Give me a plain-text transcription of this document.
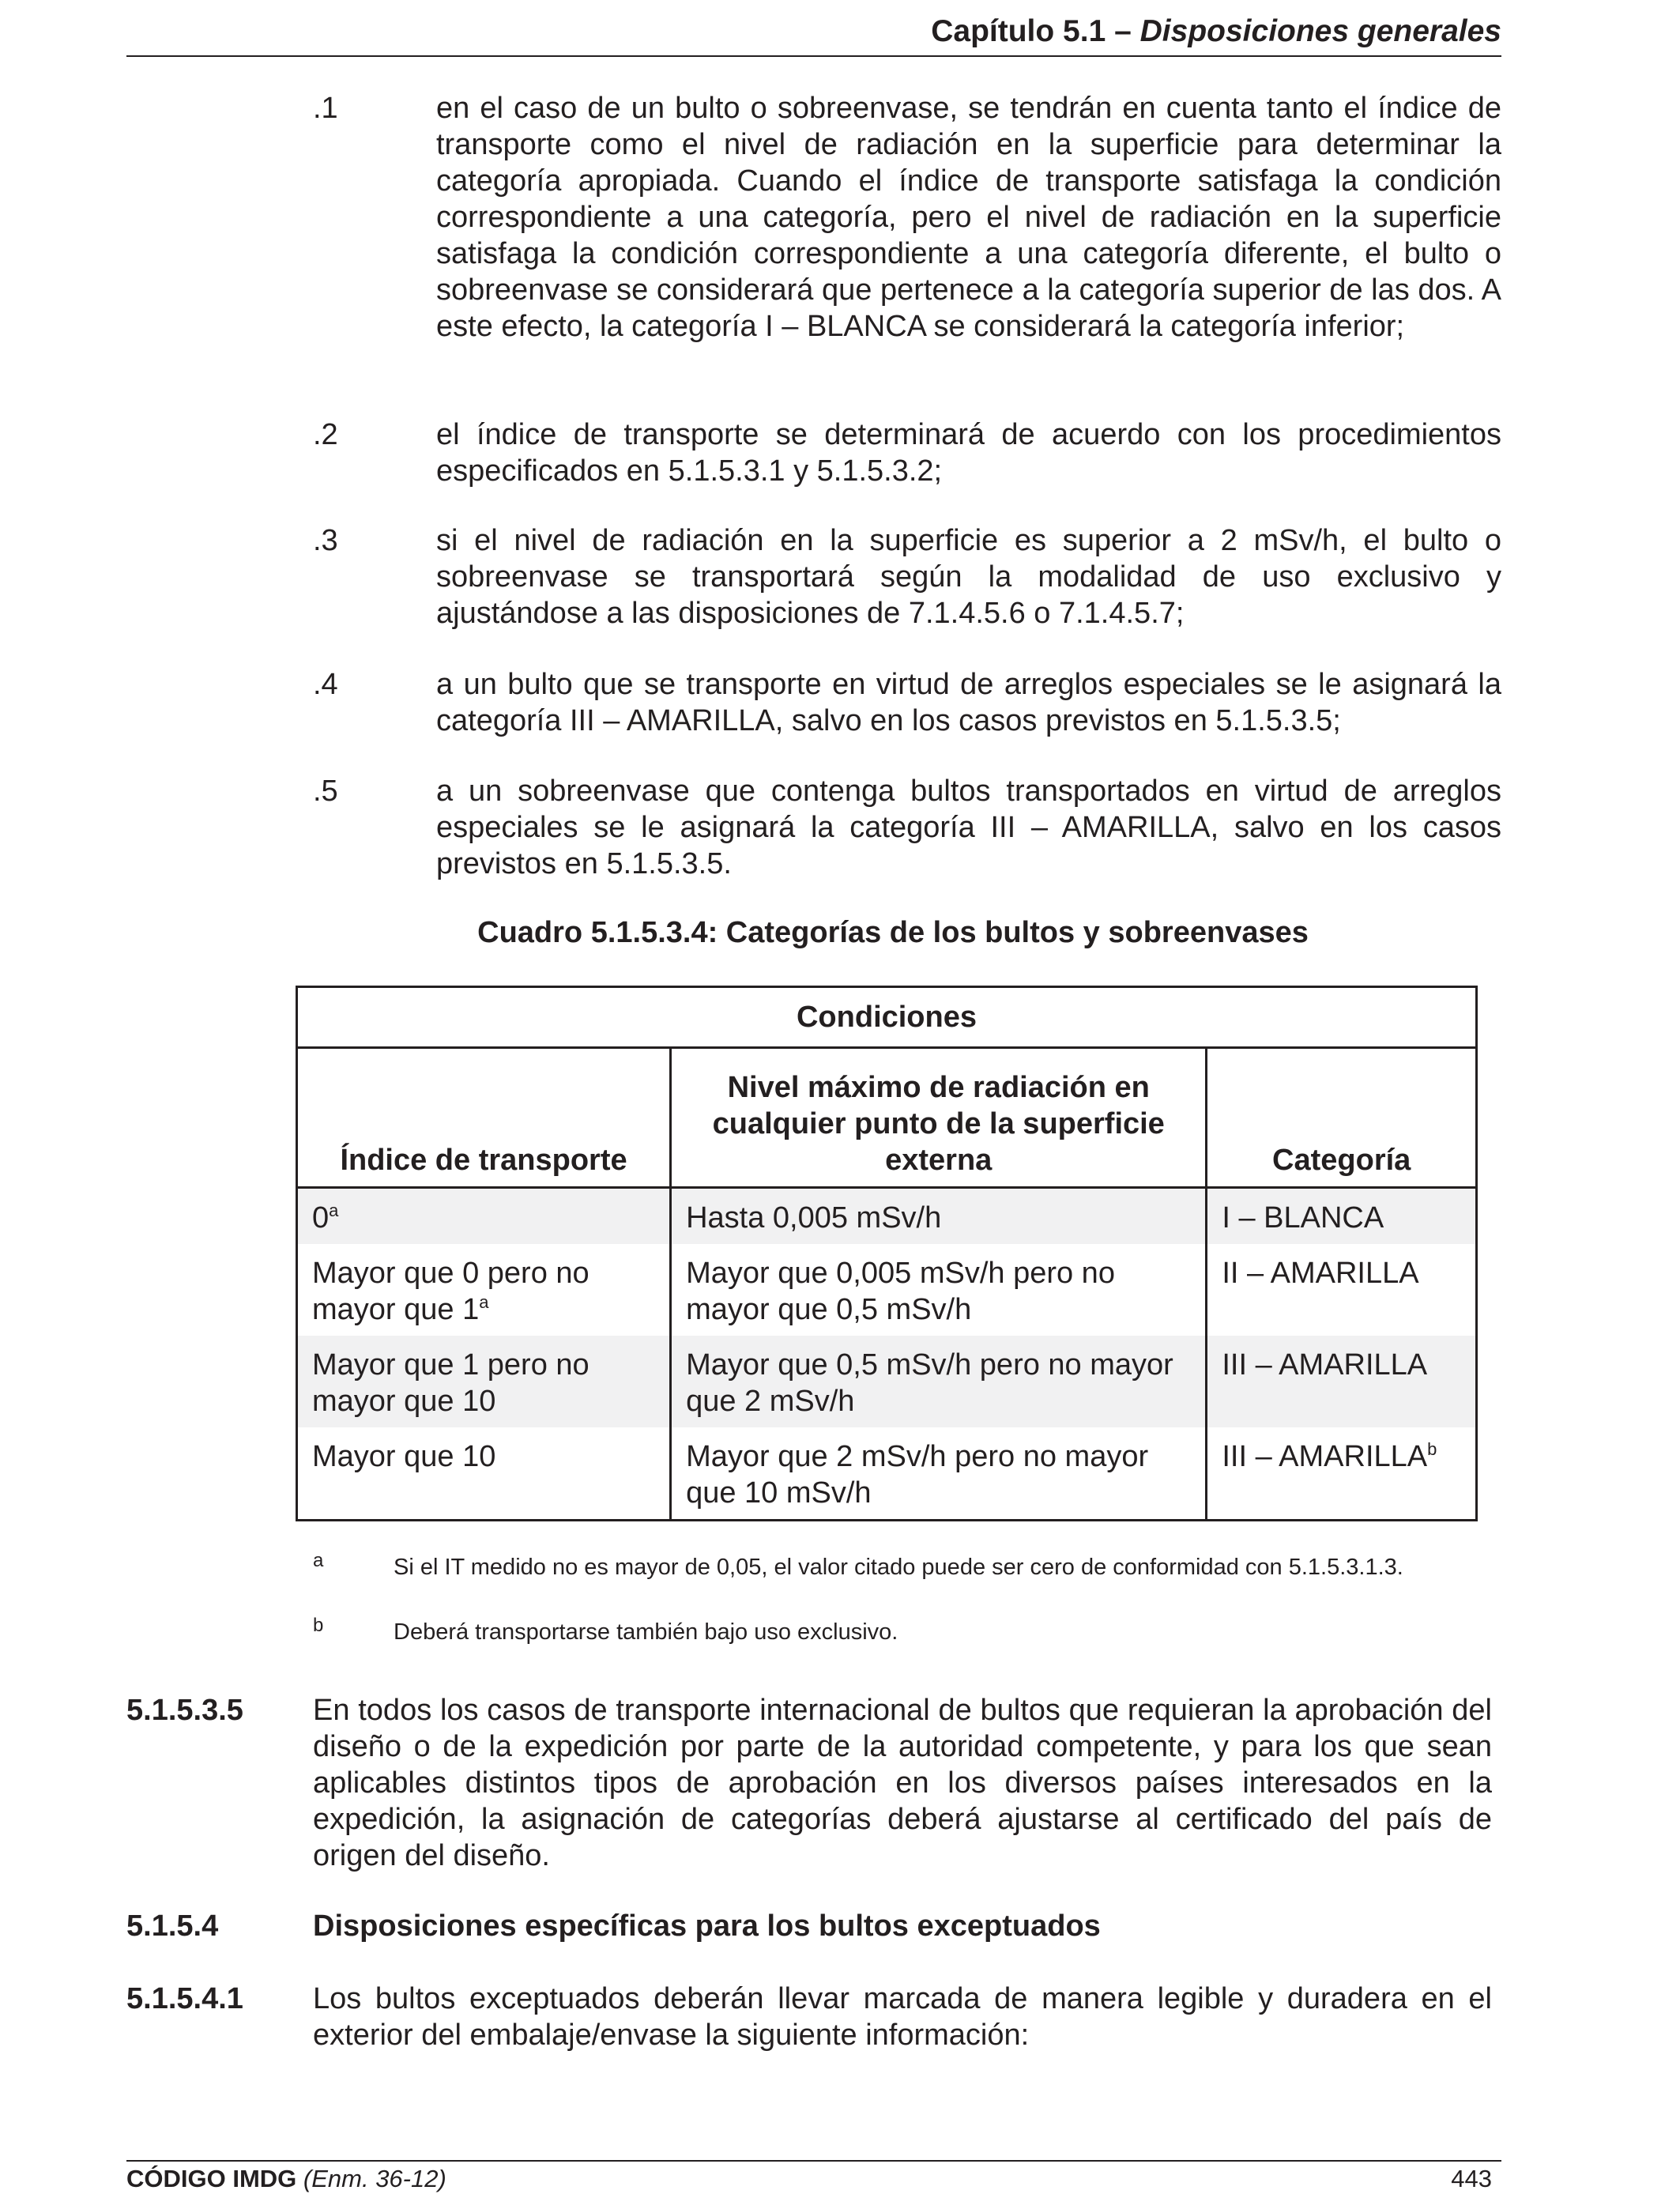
Capítulo 5.1 – Disposiciones generales
.1	en el caso de un bulto o sobreenvase, se tendrán en cuenta tanto el índice de transporte como el nivel de radiación en la superficie para determinar la categoría apropiada. Cuando el índice de transporte satisfaga la condición correspondiente a una categoría, pero el nivel de radiación en la superficie satisfaga la condición correspondiente a una categoría diferente, el bulto o sobreenvase se considerará que pertenece a la categoría superior de las dos. A este efecto, la categoría I – BLANCA se considerará la categoría inferior;
.2	el índice de transporte se determinará de acuerdo con los procedimientos especificados en 5.1.5.3.1 y 5.1.5.3.2;
.3	si el nivel de radiación en la superficie es superior a 2 mSv/h, el bulto o sobreenvase se transportará según la modalidad de uso exclusivo y ajustándose a las disposiciones de 7.1.4.5.6 o 7.1.4.5.7;
.4	a un bulto que se transporte en virtud de arreglos especiales se le asignará la categoría III – AMARILLA, salvo en los casos previstos en 5.1.5.3.5;
.5	a un sobreenvase que contenga bultos transportados en virtud de arreglos especiales se le asignará la categoría III – AMARILLA, salvo en los casos previstos en 5.1.5.3.5.
Cuadro 5.1.5.3.4: Categorías de los bultos y sobreenvases
Condiciones		
Índice de transporte	Nivel máximo de radiación en cualquier punto de la superficie externa	Categoría
0$^a$	Hasta 0,005 mSv/h	I – BLANCA
Mayor que 0 pero no mayor que 1$^a$	Mayor que 0,005 mSv/h pero no mayor que 0,5 mSv/h	II – AMARILLA
Mayor que 1 pero no mayor que 10	Mayor que 0,5 mSv/h pero no mayor que 2 mSv/h	III – AMARILLA
Mayor que 10	Mayor que 2 mSv/h pero no mayor que 10 mSv/h	III – AMARILLA$^b$
a	Si el IT medido no es mayor de 0,05, el valor citado puede ser cero de conformidad con 5.1.5.3.1.3.
b	Deberá transportarse también bajo uso exclusivo.
5.1.5.3.5 En todos los casos de transporte internacional de bultos que requieran la aprobación del diseño o de la expedición por parte de la autoridad competente, y para los que sean aplicables distintos tipos de aprobación en los diversos países interesados en la expedición, la asignación de categorías deberá ajustarse al certificado del país de origen del diseño.
5.1.5.4	Disposiciones específicas para los bultos exceptuados
5.1.5.4.1 Los bultos exceptuados deberán llevar marcada de manera legible y duradera en el exterior del embalaje/envase la siguiente información:
CÓDIGO IMDG (Enm. 36-12)	443
